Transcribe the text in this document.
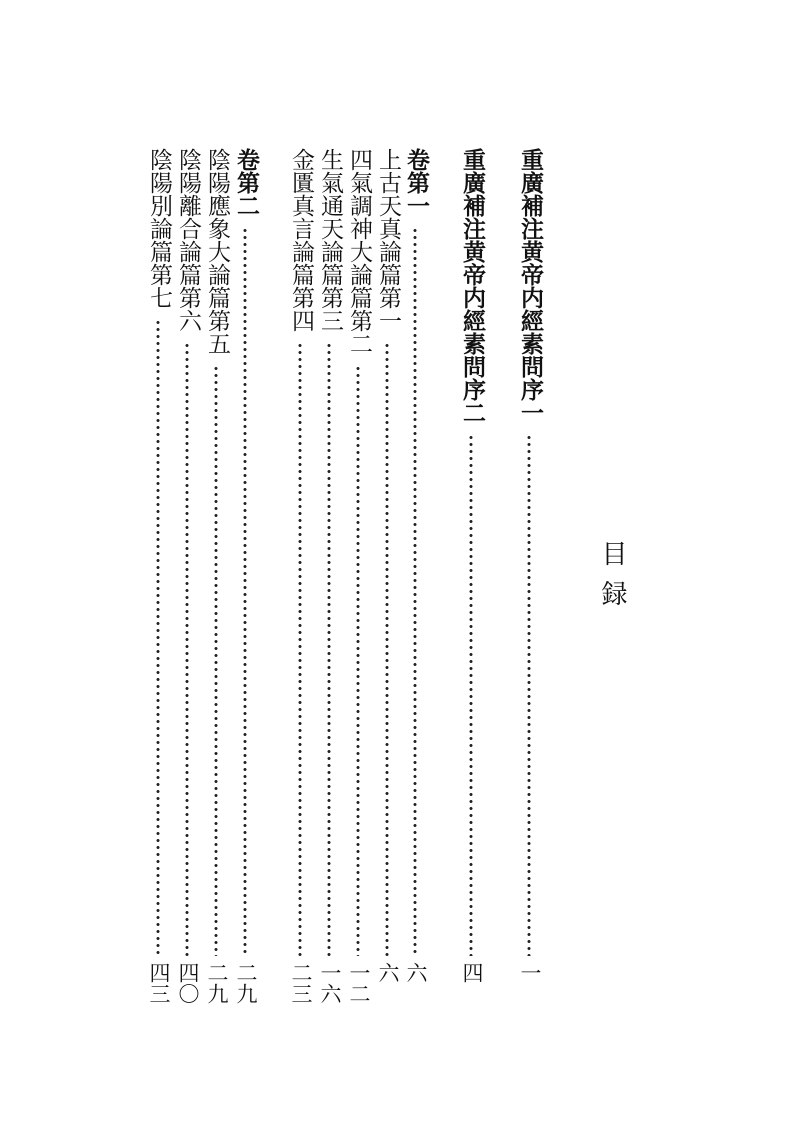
目録
重廣補注黄帝内經素問序一
一
重廣補注黄帝内經素問序二
四
卷第一
六
上古天真論篇第一
六
四氣調神大論篇第二
一二
生氣通天論篇第三
一六
金匱真言論篇第四
二三
卷第二
二九
陰陽應象大論篇第五
二九
陰陽離合論篇第六
四〇
陰陽別論篇第七
四三
